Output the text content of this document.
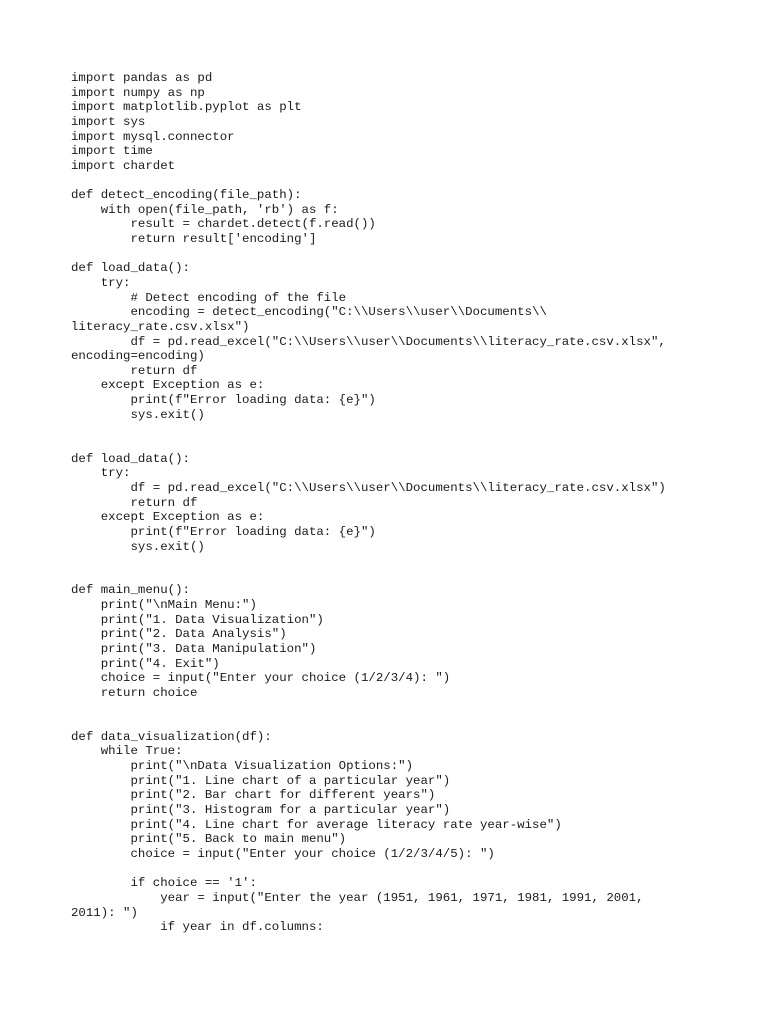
import pandas as pd
import numpy as np
import matplotlib.pyplot as plt
import sys
import mysql.connector
import time
import chardet
def detect_encoding(file_path):
with open(file_path, 'rb') as f:
result = chardet.detect(f.read())
return result['encoding']
def load_data():
try:
# Detect encoding of the file
encoding = detect_encoding("C:\\Users\\user\\Documents\\
literacy_rate.csv.xlsx")
df = pd.read_excel("C:\\Users\\user\\Documents\\literacy_rate.csv.xlsx",
encoding=encoding)
return df
except Exception as e:
print(f"Error loading data: {e}")
sys.exit()
def load_data():
try:
df = pd.read_excel("C:\\Users\\user\\Documents\\literacy_rate.csv.xlsx")
return df
except Exception as e:
print(f"Error loading data: {e}")
sys.exit()
def main_menu():
print("\nMain Menu:")
print("1. Data Visualization")
print("2. Data Analysis")
print("3. Data Manipulation")
print("4. Exit")
choice = input("Enter your choice (1/2/3/4): ")
return choice
def data_visualization(df):
while True:
print("\nData Visualization Options:")
print("1. Line chart of a particular year")
print("2. Bar chart for different years")
print("3. Histogram for a particular year")
print("4. Line chart for average literacy rate year-wise")
print("5. Back to main menu")
choice = input("Enter your choice (1/2/3/4/5): ")
if choice == '1':
year = input("Enter the year (1951, 1961, 1971, 1981, 1991, 2001,
2011): ")
if year in df.columns:
